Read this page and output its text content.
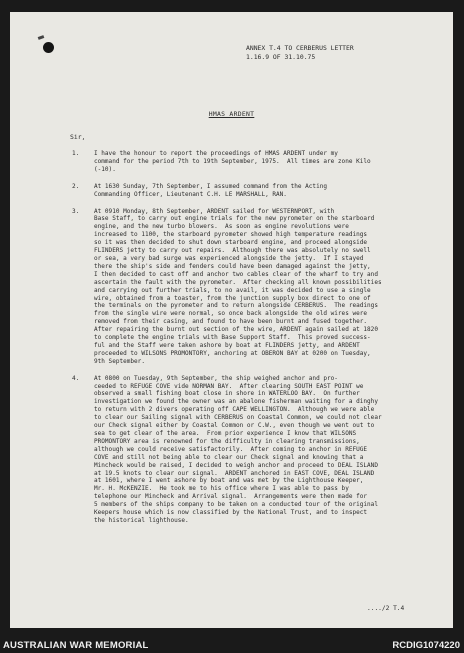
ANNEX T.4 TO CERBERUS LETTER
1.16.9 OF 31.10.75
HMAS ARDENT
Sir,
1.	I have the honour to report the proceedings of HMAS ARDENT under my
command for the period 7th to 19th September, 1975.  All times are zone Kilo
(-10).
2.	At 1630 Sunday, 7th September, I assumed command from the Acting
Commanding Officer, Lieutenant C.H. LE MARSHALL, RAN.
3.	At 0910 Monday, 8th September, ARDENT sailed for WESTERNPORT, with
Base Staff, to carry out engine trials for the new pyrometer on the starboard
engine, and the new turbo blowers.  As soon as engine revolutions were
increased to 1100, the starboard pyrometer showed high temperature readings
so it was then decided to shut down starboard engine, and proceed alongside
FLINDERS jetty to carry out repairs.  Although there was absolutely no swell
or sea, a very bad surge was experienced alongside the jetty.  If I stayed
there the ship's side and fenders could have been damaged against the jetty,
I then decided to cast off and anchor two cables clear of the wharf to try and
ascertain the fault with the pyrometer.  After checking all known possibilities
and carrying out further trials, to no avail, it was decided to use a single
wire, obtained from a toaster, from the junction supply box direct to one of
the terminals on the pyrometer and to return alongside CERBERUS.  The readings
from the single wire were normal, so once back alongside the old wires were
removed from their casing, and found to have been burnt and fused together.
After repairing the burnt out section of the wire, ARDENT again sailed at 1820
to complete the engine trials with Base Support Staff.  This proved success-
ful and the Staff were taken ashore by boat at FLINDERS jetty, and ARDENT
proceeded to WILSONS PROMONTORY, anchoring at OBERON BAY at 0200 on Tuesday,
9th September.
4.	At 0800 on Tuesday, 9th September, the ship weighed anchor and pro-
ceeded to REFUGE COVE vide NORMAN BAY.  After clearing SOUTH EAST POINT we
observed a small fishing boat close in shore in WATERLOO BAY.  On further
investigation we found the owner was an abalone fisherman waiting for a dinghy
to return with 2 divers operating off CAPE WELLINGTON.  Although we were able
to clear our Sailing signal with CERBERUS on Coastal Common, we could not clear
our Check signal either by Coastal Common or C.W., even though we went out to
sea to get clear of the area.  From prior experience I know that WILSONS
PROMONTORY area is renowned for the difficulty in clearing transmissions,
although we could receive satisfactorily.  After coming to anchor in REFUGE
COVE and still not being able to clear our Check signal and knowing that a
Mincheck would be raised, I decided to weigh anchor and proceed to DEAL ISLAND
at 19.5 knots to clear our signal.  ARDENT anchored in EAST COVE, DEAL ISLAND
at 1601, where I went ashore by boat and was met by the Lighthouse Keeper,
Mr. H. McKENZIE.  He took me to his office where I was able to pass by
telephone our Mincheck and Arrival signal.  Arrangements were then made for
5 members of the ships company to be taken on a conducted tour of the original
Keepers house which is now classified by the National Trust, and to inspect
the historical lighthouse.
..../2 T.4
AUSTRALIAN WAR MEMORIAL	RCDIG1074220
